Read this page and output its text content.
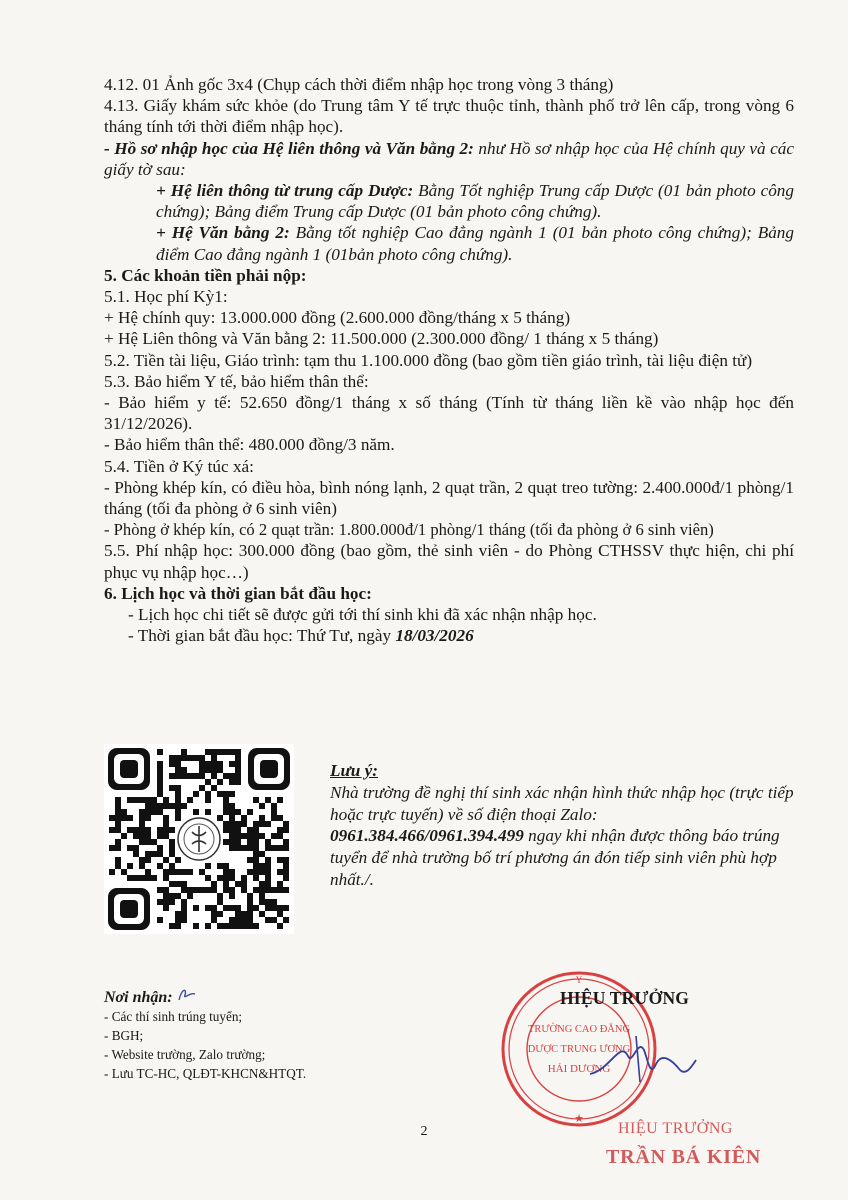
4.12. 01 Ảnh gốc 3x4 (Chụp cách thời điểm nhập học trong vòng 3 tháng)

4.13. Giấy khám sức khỏe (do Trung tâm Y tế trực thuộc tỉnh, thành phố trở lên cấp, trong vòng 6 tháng tính tới thời điểm nhập học).

- Hồ sơ nhập học của Hệ liên thông và Văn bằng 2: như Hồ sơ nhập học của Hệ chính quy và các giấy tờ sau:

+ Hệ liên thông từ trung cấp Dược: Bằng Tốt nghiệp Trung cấp Dược (01 bản photo công chứng); Bảng điểm Trung cấp Dược (01 bản photo công chứng).

+ Hệ Văn bằng 2: Bằng tốt nghiệp Cao đẳng ngành 1 (01 bản photo công chứng); Bảng điểm Cao đẳng ngành 1 (01bản photo công chứng).

5. Các khoản tiền phải nộp:

5.1. Học phí Kỳ1:

+ Hệ chính quy: 13.000.000 đồng (2.600.000 đồng/tháng x 5 tháng)

+ Hệ Liên thông và Văn bằng 2: 11.500.000 (2.300.000 đồng/ 1 tháng x 5 tháng)

5.2. Tiền tài liệu, Giáo trình: tạm thu 1.100.000 đồng (bao gồm tiền giáo trình, tài liệu điện tử)

5.3. Bảo hiểm Y tế, bảo hiểm thân thể:

- Bảo hiểm y tế: 52.650 đồng/1 tháng x số tháng (Tính từ tháng liền kề vào nhập học đến 31/12/2026).

- Bảo hiểm thân thể: 480.000 đồng/3 năm.

5.4. Tiền ở Ký túc xá:

- Phòng khép kín, có điều hòa, bình nóng lạnh, 2 quạt trần, 2 quạt treo tường: 2.400.000đ/1 phòng/1 tháng (tối đa phòng ở 6 sinh viên)

- Phòng ở khép kín, có 2 quạt trần: 1.800.000đ/1 phòng/1 tháng (tối đa phòng ở 6 sinh viên)

5.5. Phí nhập học: 300.000 đồng (bao gồm, thẻ sinh viên - do Phòng CTHSSV thực hiện, chi phí phục vụ nhập học…)

6. Lịch học và thời gian bắt đầu học:

- Lịch học chi tiết sẽ được gửi tới thí sinh khi đã xác nhận nhập học.

- Thời gian bắt đầu học: Thứ Tư, ngày 18/03/2026

Lưu ý:
Nhà trường đề nghị thí sinh xác nhận hình thức nhập học (trực tiếp hoặc trực tuyến) về số điện thoại Zalo:
0961.384.466/0961.394.499 ngay khi nhận được thông báo trúng tuyển để nhà trường bố trí phương án đón tiếp sinh viên phù hợp nhất./.
Nơi nhận:
- Các thí sinh trúng tuyển;
- BGH;
- Website trường, Zalo trường;
- Lưu TC-HC, QLĐT-KHCN&HTQT.
Y
★
TRƯỜNG CAO ĐẲNG
DƯỢC TRUNG ƯƠNG
HẢI DƯƠNG
HIỆU TRƯỞNG
HIỆU TRƯỞNG
TRẦN BÁ KIÊN
2
